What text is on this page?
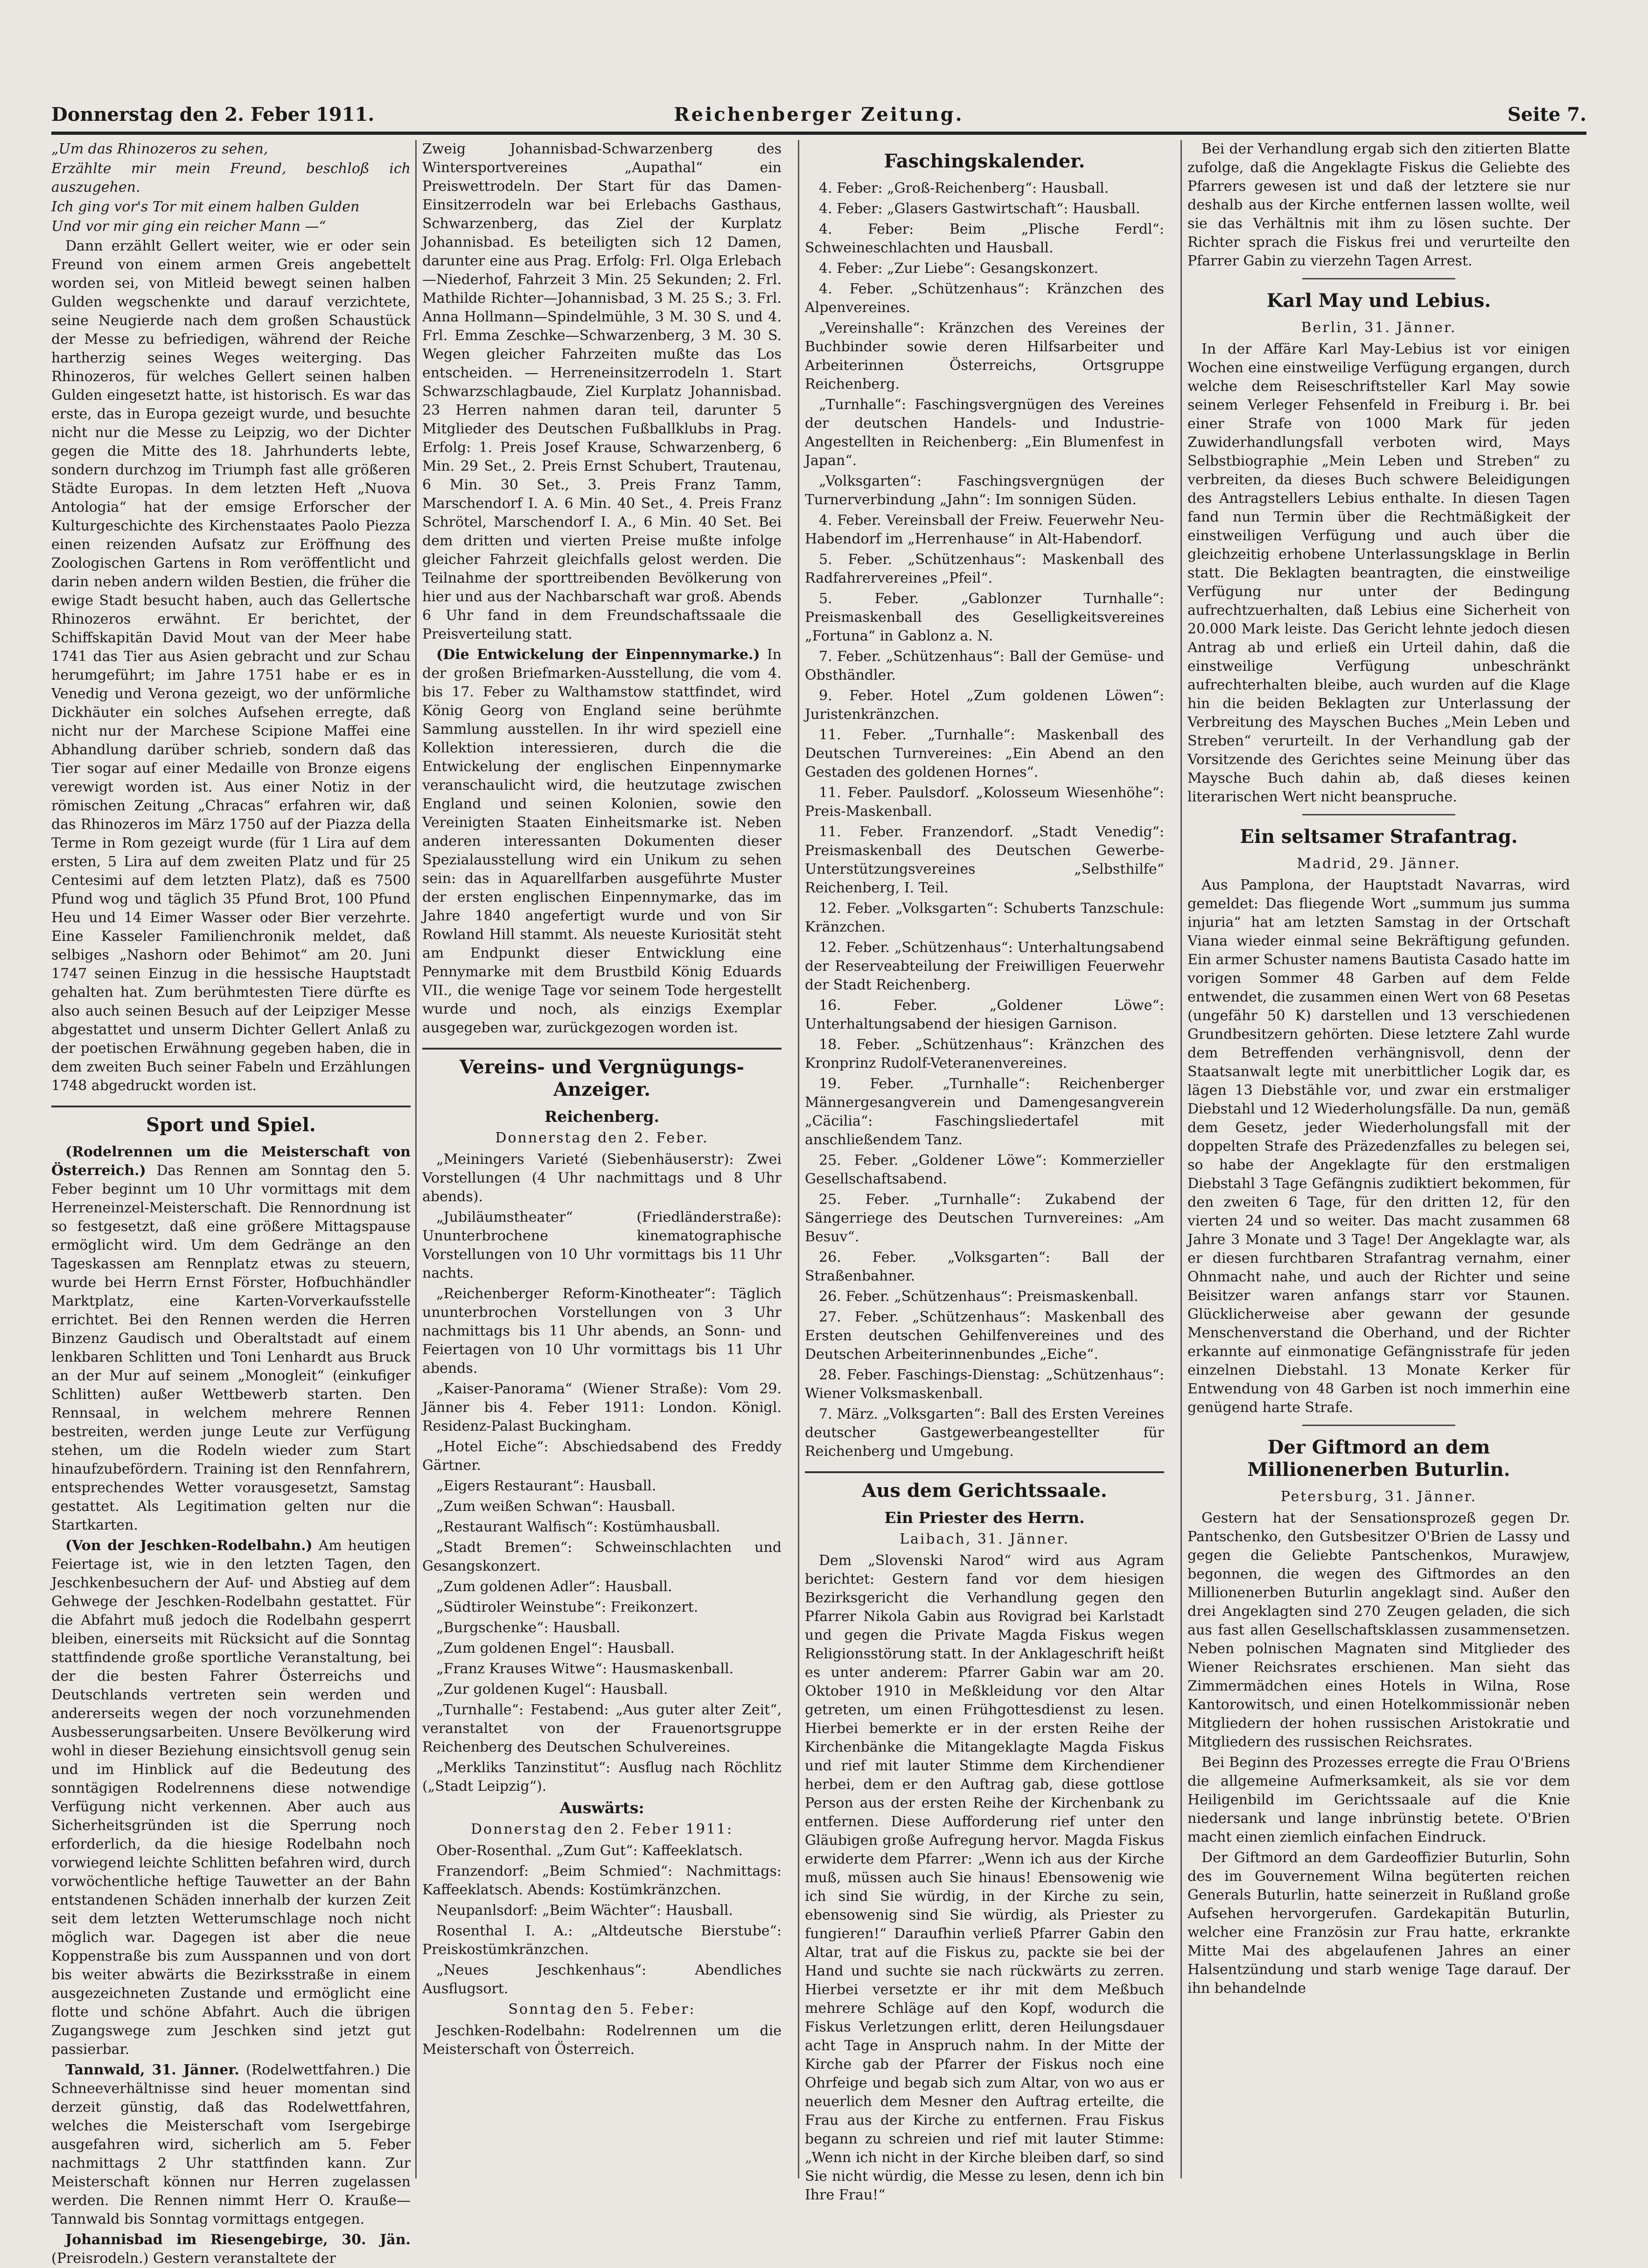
Donnerstag den 2. Feber 1911.	Reichenberger Zeitung.	Seite 7.
„Um das Rhinozeros zu sehen,
Erzählte mir mein Freund, beschloß ich auszugehen.
Ich ging vor's Tor mit einem halben Gulden
Und vor mir ging ein reicher Mann —“

Dann erzählt Gellert weiter, wie er oder sein Freund von einem armen Greis angebettelt worden sei, von Mitleid bewegt seinen halben Gulden wegschenkte und darauf verzichtete, seine Neugierde nach dem großen Schaustück der Messe zu befriedigen, während der Reiche hartherzig seines Weges weiterging. Das Rhinozeros, für welches Gellert seinen halben Gulden eingesetzt hatte, ist historisch. Es war das erste, das in Europa gezeigt wurde, und besuchte nicht nur die Messe zu Leipzig, wo der Dichter gegen die Mitte des 18. Jahrhunderts lebte, sondern durchzog im Triumph fast alle größeren Städte Europas. In dem letzten Heft „Nuova Antologia“ hat der emsige Erforscher der Kulturgeschichte des Kirchenstaates Paolo Piezza einen reizenden Aufsatz zur Eröffnung des Zoologischen Gartens in Rom veröffentlicht und darin neben andern wilden Bestien, die früher die ewige Stadt besucht haben, auch das Gellertsche Rhinozeros erwähnt. Er berichtet, der Schiffskapitän David Mout van der Meer habe 1741 das Tier aus Asien gebracht und zur Schau herumgeführt; im Jahre 1751 habe er es in Venedig und Verona gezeigt, wo der unförmliche Dickhäuter ein solches Aufsehen erregte, daß nicht nur der Marchese Scipione Maffei eine Abhandlung darüber schrieb, sondern daß das Tier sogar auf einer Medaille von Bronze eigens verewigt worden ist. Aus einer Notiz in der römischen Zeitung „Chracas“ erfahren wir, daß das Rhinozeros im März 1750 auf der Piazza della Terme in Rom gezeigt wurde (für 1 Lira auf dem ersten, 5 Lira auf dem zweiten Platz und für 25 Centesimi auf dem letzten Platz), daß es 7500 Pfund wog und täglich 35 Pfund Brot, 100 Pfund Heu und 14 Eimer Wasser oder Bier verzehrte. Eine Kasseler Familienchronik meldet, daß selbiges „Nashorn oder Behimot“ am 20. Juni 1747 seinen Einzug in die hessische Hauptstadt gehalten hat. Zum berühmtesten Tiere dürfte es also auch seinen Besuch auf der Leipziger Messe abgestattet und unserm Dichter Gellert Anlaß zu der poetischen Erwähnung gegeben haben, die in dem zweiten Buch seiner Fabeln und Erzählungen 1748 abgedruckt worden ist.

Sport und Spiel.

(Rodelrennen um die Meisterschaft von Österreich.) Das Rennen am Sonntag den 5. Feber beginnt um 10 Uhr vormittags mit dem Herreneinzel-Meisterschaft. Die Rennordnung ist so festgesetzt, daß eine größere Mittagspause ermöglicht wird. Um dem Gedränge an den Tageskassen am Rennplatz etwas zu steuern, wurde bei Herrn Ernst Förster, Hofbuchhändler Marktplatz, eine Karten-Vorverkaufsstelle errichtet. Bei den Rennen werden die Herren Binzenz Gaudisch und Oberaltstadt auf einem lenkbaren Schlitten und Toni Lenhardt aus Bruck an der Mur auf seinem „Monogleit“ (einkufiger Schlitten) außer Wettbewerb starten. Den Rennsaal, in welchem mehrere Rennen bestreiten, werden junge Leute zur Verfügung stehen, um die Rodeln wieder zum Start hinaufzubefördern. Training ist den Rennfahrern, entsprechendes Wetter vorausgesetzt, Samstag gestattet. Als Legitimation gelten nur die Startkarten.

(Von der Jeschken-Rodelbahn.) Am heutigen Feiertage ist, wie in den letzten Tagen, den Jeschkenbesuchern der Auf- und Abstieg auf dem Gehwege der Jeschken-Rodelbahn gestattet. Für die Abfahrt muß jedoch die Rodelbahn gesperrt bleiben, einerseits mit Rücksicht auf die Sonntag stattfindende große sportliche Veranstaltung, bei der die besten Fahrer Österreichs und Deutschlands vertreten sein werden und andererseits wegen der noch vorzunehmenden Ausbesserungsarbeiten. Unsere Bevölkerung wird wohl in dieser Beziehung einsichtsvoll genug sein und im Hinblick auf die Bedeutung des sonntägigen Rodelrennens diese notwendige Verfügung nicht verkennen. Aber auch aus Sicherheitsgründen ist die Sperrung noch erforderlich, da die hiesige Rodelbahn noch vorwiegend leichte Schlitten befahren wird, durch vorwöchentliche heftige Tauwetter an der Bahn entstandenen Schäden innerhalb der kurzen Zeit seit dem letzten Wetterumschlage noch nicht möglich war. Dagegen ist aber die neue Koppenstraße bis zum Ausspannen und von dort bis weiter abwärts die Bezirksstraße in einem ausgezeichneten Zustande und ermöglicht eine flotte und schöne Abfahrt. Auch die übrigen Zugangswege zum Jeschken sind jetzt gut passierbar.

Tannwald, 31. Jänner. (Rodelwettfahren.) Die Schneeverhältnisse sind heuer momentan sind derzeit günstig, daß das Rodelwettfahren, welches die Meisterschaft vom Isergebirge ausgefahren wird, sicherlich am 5. Feber nachmittags 2 Uhr stattfinden kann. Zur Meisterschaft können nur Herren zugelassen werden. Die Rennen nimmt Herr O. Krauße—Tannwald bis Sonntag vormittags entgegen.

Johannisbad im Riesengebirge, 30. Jän. (Preisrodeln.) Gestern veranstaltete der

Zweig Johannisbad-Schwarzenberg des Wintersportvereines „Aupathal“ ein Preiswettrodeln. Der Start für das Damen-Einsitzerrodeln war bei Erlebachs Gasthaus, Schwarzenberg, das Ziel der Kurplatz Johannisbad. Es beteiligten sich 12 Damen, darunter eine aus Prag. Erfolg: Frl. Olga Erlebach—Niederhof, Fahrzeit 3 Min. 25 Sekunden; 2. Frl. Mathilde Richter—Johannisbad, 3 M. 25 S.; 3. Frl. Anna Hollmann—Spindelmühle, 3 M. 30 S. und 4. Frl. Emma Zeschke—Schwarzenberg, 3 M. 30 S. Wegen gleicher Fahrzeiten mußte das Los entscheiden. — Herreneinsitzerrodeln 1. Start Schwarzschlagbaude, Ziel Kurplatz Johannisbad. 23 Herren nahmen daran teil, darunter 5 Mitglieder des Deutschen Fußballklubs in Prag. Erfolg: 1. Preis Josef Krause, Schwarzenberg, 6 Min. 29 Set., 2. Preis Ernst Schubert, Trautenau, 6 Min. 30 Set., 3. Preis Franz Tamm, Marschendorf I. A. 6 Min. 40 Set., 4. Preis Franz Schrötel, Marschendorf I. A., 6 Min. 40 Set. Bei dem dritten und vierten Preise mußte infolge gleicher Fahrzeit gleichfalls gelost werden. Die Teilnahme der sporttreibenden Bevölkerung von hier und aus der Nachbarschaft war groß. Abends 6 Uhr fand in dem Freundschaftssaale die Preisverteilung statt.

(Die Entwickelung der Einpennymarke.) In der großen Briefmarken-Ausstellung, die vom 4. bis 17. Feber zu Walthamstow stattfindet, wird König Georg von England seine berühmte Sammlung ausstellen. In ihr wird speziell eine Kollektion interessieren, durch die die Entwickelung der englischen Einpennymarke veranschaulicht wird, die heutzutage zwischen England und seinen Kolonien, sowie den Vereinigten Staaten Einheitsmarke ist. Neben anderen interessanten Dokumenten dieser Spezialausstellung wird ein Unikum zu sehen sein: das in Aquarellfarben ausgeführte Muster der ersten englischen Einpennymarke, das im Jahre 1840 angefertigt wurde und von Sir Rowland Hill stammt. Als neueste Kuriosität steht am Endpunkt dieser Entwicklung eine Pennymarke mit dem Brustbild König Eduards VII., die wenige Tage vor seinem Tode hergestellt wurde und noch, als einzigs Exemplar ausgegeben war, zurückgezogen worden ist.

Vereins- und Vergnügungs-Anzeiger.
Reichenberg.
Donnerstag den 2. Feber.

„Meiningers Varieté (Siebenhäuserstr): Zwei Vorstellungen (4 Uhr nachmittags und 8 Uhr abends).

„Jubiläumstheater“ (Friedländerstraße): Ununterbrochene kinematographische Vorstellungen von 10 Uhr vormittags bis 11 Uhr nachts.

„Reichenberger Reform-Kinotheater“: Täglich ununterbrochen Vorstellungen von 3 Uhr nachmittags bis 11 Uhr abends, an Sonn- und Feiertagen von 10 Uhr vormittags bis 11 Uhr abends.

„Kaiser-Panorama“ (Wiener Straße): Vom 29. Jänner bis 4. Feber 1911: London. Königl. Residenz-Palast Buckingham.

„Hotel Eiche“: Abschiedsabend des Freddy Gärtner.

„Eigers Restaurant“: Hausball.

„Zum weißen Schwan“: Hausball.

„Restaurant Walfisch“: Kostümhausball.

„Stadt Bremen“: Schweinschlachten und Gesangskonzert.

„Zum goldenen Adler“: Hausball.

„Südtiroler Weinstube“: Freikonzert.

„Burgschenke“: Hausball.

„Zum goldenen Engel“: Hausball.

„Franz Krauses Witwe“: Hausmaskenball.

„Zur goldenen Kugel“: Hausball.

„Turnhalle“: Festabend: „Aus guter alter Zeit“, veranstaltet von der Frauenortsgruppe Reichenberg des Deutschen Schulvereines.

„Merkliks Tanzinstitut“: Ausflug nach Röchlitz („Stadt Leipzig“).

Auswärts:
Donnerstag den 2. Feber 1911:

Ober-Rosenthal. „Zum Gut“: Kaffeeklatsch.

Franzendorf: „Beim Schmied“: Nachmittags: Kaffeeklatsch. Abends: Kostümkränzchen.

Neupanlsdorf: „Beim Wächter“: Hausball.

Rosenthal I. A.: „Altdeutsche Bierstube“: Preiskostümkränzchen.

„Neues Jeschkenhaus“: Abendliches Ausflugsort.

Sonntag den 5. Feber:

Jeschken-Rodelbahn: Rodelrennen um die Meisterschaft von Österreich.

Faschingskalender.

4. Feber: „Groß-Reichenberg“: Hausball.

4. Feber: „Glasers Gastwirtschaft“: Hausball.

4. Feber: Beim „Plische Ferdl“: Schweineschlachten und Hausball.

4. Feber: „Zur Liebe“: Gesangskonzert.

4. Feber. „Schützenhaus“: Kränzchen des Alpenvereines.

„Vereinshalle“: Kränzchen des Vereines der Buchbinder sowie deren Hilfsarbeiter und Arbeiterinnen Österreichs, Ortsgruppe Reichenberg.

„Turnhalle“: Faschingsvergnügen des Vereines der deutschen Handels- und Industrie-Angestellten in Reichenberg: „Ein Blumenfest in Japan“.

„Volksgarten“: Faschingsvergnügen der Turnerverbindung „Jahn“: Im sonnigen Süden.

4. Feber. Vereinsball der Freiw. Feuerwehr Neu-Habendorf im „Herrenhause“ in Alt-Habendorf.

5. Feber. „Schützenhaus“: Maskenball des Radfahrervereines „Pfeil“.

5. Feber. „Gablonzer Turnhalle“: Preismaskenball des Geselligkeitsvereines „Fortuna“ in Gablonz a. N.

7. Feber. „Schützenhaus“: Ball der Gemüse- und Obsthändler.

9. Feber. Hotel „Zum goldenen Löwen“: Juristenkränzchen.

11. Feber. „Turnhalle“: Maskenball des Deutschen Turnvereines: „Ein Abend an den Gestaden des goldenen Hornes“.

11. Feber. Paulsdorf. „Kolosseum Wiesenhöhe“: Preis-Maskenball.

11. Feber. Franzendorf. „Stadt Venedig“: Preismaskenball des Deutschen Gewerbe- Unterstützungsvereines „Selbsthilfe“ Reichenberg, I. Teil.

12. Feber. „Volksgarten“: Schuberts Tanzschule: Kränzchen.

12. Feber. „Schützenhaus“: Unterhaltungsabend der Reserveabteilung der Freiwilligen Feuerwehr der Stadt Reichenberg.

16. Feber. „Goldener Löwe“: Unterhaltungsabend der hiesigen Garnison.

18. Feber. „Schützenhaus“: Kränzchen des Kronprinz Rudolf-Veteranenvereines.

19. Feber. „Turnhalle“: Reichenberger Männergesangverein und Damengesangverein „Cäcilia“: Faschingsliedertafel mit anschließendem Tanz.

25. Feber. „Goldener Löwe“: Kommerzieller Gesellschaftsabend.

25. Feber. „Turnhalle“: Zukabend der Sängerriege des Deutschen Turnvereines: „Am Besuv“.

26. Feber. „Volksgarten“: Ball der Straßenbahner.

26. Feber. „Schützenhaus“: Preismaskenball.

27. Feber. „Schützenhaus“: Maskenball des Ersten deutschen Gehilfenvereines und des Deutschen Arbeiterinnenbundes „Eiche“.

28. Feber. Faschings-Dienstag: „Schützenhaus“: Wiener Volksmaskenball.

7. März. „Volksgarten“: Ball des Ersten Vereines deutscher Gastgewerbeangestellter für Reichenberg und Umgebung.

Aus dem Gerichtssaale.
Ein Priester des Herrn.
Laibach, 31. Jänner.

Dem „Slovenski Narod“ wird aus Agram berichtet: Gestern fand vor dem hiesigen Bezirksgericht die Verhandlung gegen den Pfarrer Nikola Gabin aus Rovigrad bei Karlstadt und gegen die Private Magda Fiskus wegen Religionsstörung statt. In der Anklageschrift heißt es unter anderem: Pfarrer Gabin war am 20. Oktober 1910 in Meßkleidung vor den Altar getreten, um einen Frühgottesdienst zu lesen. Hierbei bemerkte er in der ersten Reihe der Kirchenbänke die Mitangeklagte Magda Fiskus und rief mit lauter Stimme dem Kirchendiener herbei, dem er den Auftrag gab, diese gottlose Person aus der ersten Reihe der Kirchenbank zu entfernen. Diese Aufforderung rief unter den Gläubigen große Aufregung hervor. Magda Fiskus erwiderte dem Pfarrer: „Wenn ich aus der Kirche muß, müssen auch Sie hinaus! Ebensowenig wie ich sind Sie würdig, in der Kirche zu sein, ebensowenig sind Sie würdig, als Priester zu fungieren!“ Daraufhin verließ Pfarrer Gabin den Altar, trat auf die Fiskus zu, packte sie bei der Hand und suchte sie nach rückwärts zu zerren. Hierbei versetzte er ihr mit dem Meßbuch mehrere Schläge auf den Kopf, wodurch die Fiskus Verletzungen erlitt, deren Heilungsdauer acht Tage in Anspruch nahm. In der Mitte der Kirche gab der Pfarrer der Fiskus noch eine Ohrfeige und begab sich zum Altar, von wo aus er neuerlich dem Mesner den Auftrag erteilte, die Frau aus der Kirche zu entfernen. Frau Fiskus begann zu schreien und rief mit lauter Stimme: „Wenn ich nicht in der Kirche bleiben darf, so sind Sie nicht würdig, die Messe zu lesen, denn ich bin Ihre Frau!“

Bei der Verhandlung ergab sich den zitierten Blatte zufolge, daß die Angeklagte Fiskus die Geliebte des Pfarrers gewesen ist und daß der letztere sie nur deshalb aus der Kirche entfernen lassen wollte, weil sie das Verhältnis mit ihm zu lösen suchte. Der Richter sprach die Fiskus frei und verurteilte den Pfarrer Gabin zu vierzehn Tagen Arrest.

Karl May und Lebius.
Berlin, 31. Jänner.

In der Affäre Karl May-Lebius ist vor einigen Wochen eine einstweilige Verfügung ergangen, durch welche dem Reiseschriftsteller Karl May sowie seinem Verleger Fehsenfeld in Freiburg i. Br. bei einer Strafe von 1000 Mark für jeden Zuwiderhandlungsfall verboten wird, Mays Selbstbiographie „Mein Leben und Streben“ zu verbreiten, da dieses Buch schwere Beleidigungen des Antragstellers Lebius enthalte. In diesen Tagen fand nun Termin über die Rechtmäßigkeit der einstweiligen Verfügung und auch über die gleichzeitig erhobene Unterlassungsklage in Berlin statt. Die Beklagten beantragten, die einstweilige Verfügung nur unter der Bedingung aufrechtzuerhalten, daß Lebius eine Sicherheit von 20.000 Mark leiste. Das Gericht lehnte jedoch diesen Antrag ab und erließ ein Urteil dahin, daß die einstweilige Verfügung unbeschränkt aufrechterhalten bleibe, auch wurden auf die Klage hin die beiden Beklagten zur Unterlassung der Verbreitung des Mayschen Buches „Mein Leben und Streben“ verurteilt. In der Verhandlung gab der Vorsitzende des Gerichtes seine Meinung über das Maysche Buch dahin ab, daß dieses keinen literarischen Wert nicht beanspruche.

Ein seltsamer Strafantrag.
Madrid, 29. Jänner.

Aus Pamplona, der Hauptstadt Navarras, wird gemeldet: Das fliegende Wort „summum jus summa injuria“ hat am letzten Samstag in der Ortschaft Viana wieder einmal seine Bekräftigung gefunden. Ein armer Schuster namens Bautista Casado hatte im vorigen Sommer 48 Garben auf dem Felde entwendet, die zusammen einen Wert von 68 Pesetas (ungefähr 50 K) darstellen und 13 verschiedenen Grundbesitzern gehörten. Diese letztere Zahl wurde dem Betreffenden verhängnisvoll, denn der Staatsanwalt legte mit unerbittlicher Logik dar, es lägen 13 Diebstähle vor, und zwar ein erstmaliger Diebstahl und 12 Wiederholungsfälle. Da nun, gemäß dem Gesetz, jeder Wiederholungsfall mit der doppelten Strafe des Präzedenzfalles zu belegen sei, so habe der Angeklagte für den erstmaligen Diebstahl 3 Tage Gefängnis zudiktiert bekommen, für den zweiten 6 Tage, für den dritten 12, für den vierten 24 und so weiter. Das macht zusammen 68 Jahre 3 Monate und 3 Tage! Der Angeklagte war, als er diesen furchtbaren Strafantrag vernahm, einer Ohnmacht nahe, und auch der Richter und seine Beisitzer waren anfangs starr vor Staunen. Glücklicherweise aber gewann der gesunde Menschenverstand die Oberhand, und der Richter erkannte auf einmonatige Gefängnisstrafe für jeden einzelnen Diebstahl. 13 Monate Kerker für Entwendung von 48 Garben ist noch immerhin eine genügend harte Strafe.

Der Giftmord an dem Millionenerben Buturlin.
Petersburg, 31. Jänner.

Gestern hat der Sensationsprozeß gegen Dr. Pantschenko, den Gutsbesitzer O'Brien de Lassy und gegen die Geliebte Pantschenkos, Murawjew, begonnen, die wegen des Giftmordes an den Millionenerben Buturlin angeklagt sind. Außer den drei Angeklagten sind 270 Zeugen geladen, die sich aus fast allen Gesellschaftsklassen zusammensetzen. Neben polnischen Magnaten sind Mitglieder des Wiener Reichsrates erschienen. Man sieht das Zimmermädchen eines Hotels in Wilna, Rose Kantorowitsch, und einen Hotelkommissionär neben Mitgliedern der hohen russischen Aristokratie und Mitgliedern des russischen Reichsrates.

Bei Beginn des Prozesses erregte die Frau O'Briens die allgemeine Aufmerksamkeit, als sie vor dem Heiligenbild im Gerichtssaale auf die Knie niedersank und lange inbrünstig betete. O'Brien macht einen ziemlich einfachen Eindruck.

Der Giftmord an dem Gardeoffizier Buturlin, Sohn des im Gouvernement Wilna begüterten reichen Generals Buturlin, hatte seinerzeit in Rußland große Aufsehen hervorgerufen. Gardekapitän Buturlin, welcher eine Französin zur Frau hatte, erkrankte Mitte Mai des abgelaufenen Jahres an einer Halsentzündung und starb wenige Tage darauf. Der ihn behandelnde
